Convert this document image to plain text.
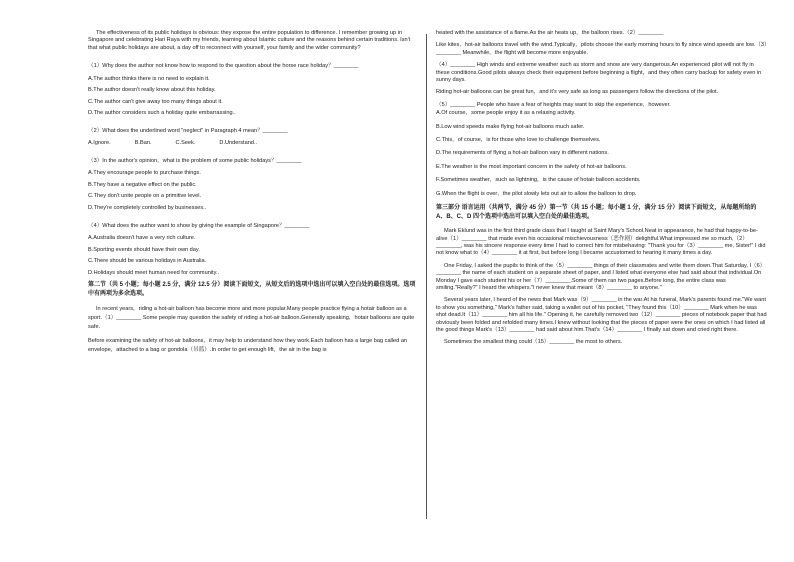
The effectiveness of its public holidays is obvious: they expose the entire population to difference. I remember growing up in Singapore and celebrating Hari Raya with my friends, learning about Islamic culture and the reasons behind certain traditions. Isn't that what public holidays are about, a day off to reconnect with yourself, your family and the wider community?

（1）Why does the author not know how to respond to the question about the horse race holiday？________

A.The author thinks there is no need to explain it.

B.The author doesn't really know about this holiday.

C.The author can't give away too many things about it.

D.The author considers such a holiday quite embarrassing..

（2）What does the underlined word "neglect" in Paragraph 4 mean？________

A.Ignore.	B.Ban.	C.Seek.	D.Understand..

（3）In the author's opinion，what is the problem of some public holidays？________

A.They encourage people to purchase things.

B.They have a negative effect on the public.

C.They don't unite people on a primitive level.

D.They're completely controlled by businesses..

（4）What does the author want to show by giving the example of Singapore？________

A.Australia doesn't have a very rich culture.

B.Sporting events should have their own day.

C.There should be various holidays in Australia.

D.Holidays should meet human need for community..

第二节（共 5 小题；每小题 2.5 分，满分 12.5 分）阅读下面短文，从短文后的选项中选出可以填入空白处的最佳选项。选项中有两项为多余选项。

In recent years，riding a hot-air balloon has become more and more popular.Many people practice flying a hotair balloon as a sport.（1）________ Some people may question the safety of riding a hot-air balloon.Generally speaking，hotair balloons are quite safe.

Before examining the safety of hot-air balloons，it may help to understand how they work.Each balloon has a large bag called an envelope，attached to a bag or gondola（吊篮）.In order to get enough lift，the air in the bag is

heated with the assistance of a flame.As the air heats up，the balloon rises.（2）________

Like kites，hot-air balloons travel with the wind.Typically，pilots choose the early morning hours to fly since wind speeds are low.（3）________ Meanwhile，the flight will become more enjoyable.

（4）________ High winds and extreme weather such as storm and snow are very dangerous.An experienced pilot will not fly in these conditions.Good pilots always check their equipment before beginning a flight，and they often carry backup for safety even in sunny days.

Riding hot-air balloons can be great fun，and it's very safe as long as passengers follow the directions of the pilot.

（5）________ People who have a fear of heights may want to skip the experience，however.

A.Of course，some people enjoy it as a relaxing activity.

B.Low wind speeds make flying hot-air balloons much safer.

C.This，of course，is for those who love to challenge themselves.

D.The requirements of flying a hot-air balloon vary in different nations.

E.The weather is the most important concern in the safety of hot-air balloons.

F.Sometimes weather，such as lightning，is the cause of hotair balloon accidents.

G.When the flight is over，the pilot slowly lets out air to allow the balloon to drop.

第三部分 语言运用（共两节，满分 45 分）第一节（共 15 小题；每小题 1 分，满分 15 分）阅读下面短文，从每题所给的 A、B、C、D 四个选项中选出可以填入空白处的最佳选项。

Mark Eklund was in the first third grade class that I taught at Saint Mary's School.Neat in appearance, he had that happy-to-be-alive（1）________ that made even his occasional mischievousness（恶作剧）delightful.What impressed me so much,（2）________, was his sincere response every time I had to correct him for misbehaving: "Thank you for（3）________ me, Sister!" I did not know what to（4）________ it at first, but before long I became accustomed to hearing it many times a day.

One Friday, I asked the pupils to think of the（5）________ things of their classmates and write them down.That Saturday, I（6）________ the name of each student on a separate sheet of paper, and I listed what everyone else had said about that individual.On Monday I gave each student his or her（7）________.Some of them ran two pages.Before long, the entire class was smiling."Really?" I heard the whispers."I never knew that meant（8）________ to anyone."

Several years later, I heard of the news that Mark was（9）________ in the war.At his funeral, Mark's parents found me."We want to show you something," Mark's father said, taking a wallet out of his pocket, "They found this（10）________ Mark when he was shot dead.It（11）________ him all his life." Opening it, he carefully removed two（12）________ pieces of notebook paper that had obviously been folded and refolded many times.I knew without looking that the pieces of paper were the ones on which I had listed all the good things Mark's（13）________ had said about him.That's（14）________ I finally sat down and cried right there.

Sometimes the smallest thing could（15）________ the most to others.
